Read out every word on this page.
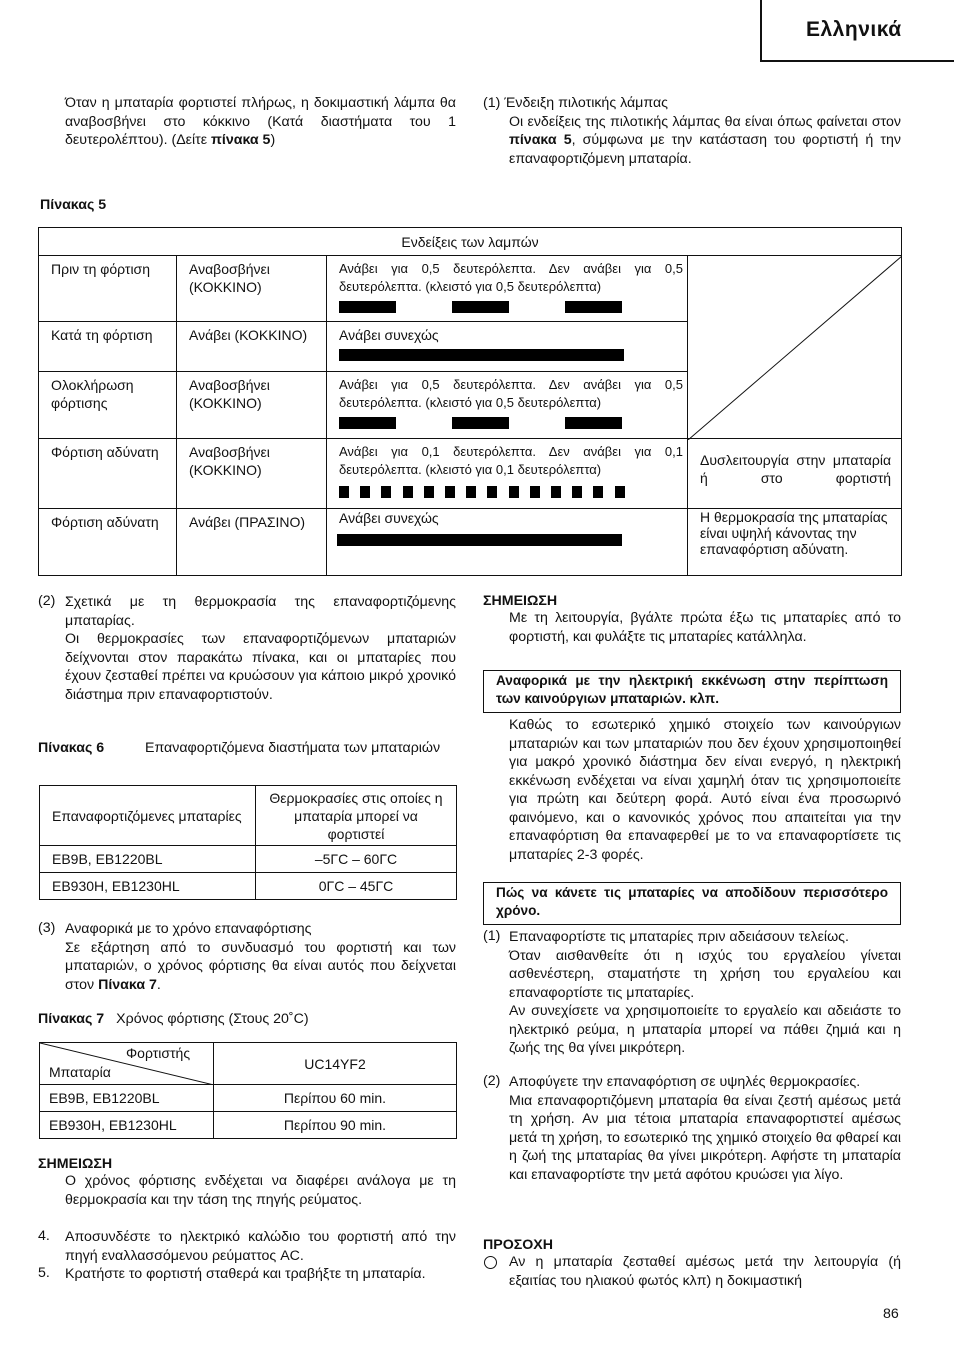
Ελληνικά

Όταν η μπαταρία φορτιστεί πλήρως, η δοκιμαστική λάμπα θα αναβοσβήνει στο κόκκινο (Κατά διαστήματα του 1 δευτερολέπτου). (Δείτε πίνακα 5)

(1) Ένδειξη πιλοτικής λάμπας

Οι ενδείξεις της πιλοτικής λάμπας θα είναι όπως φαίνεται στον πίνακα 5, σύμφωνα με την κατάσταση του φορτιστή ή την επαναφορτιζόμενη μπαταρία.

Πίνακας 5
Ενδείξεις των λαμπών			
Πριν τη φόρτιση	Αναβοσβήνει (ΚΟΚΚΙΝΟ)	Ανάβει για 0,5 δευτερόλεπτα. Δεν ανάβει για 0,5 δευτερόλεπτα. (κλειστό για 0,5 δευτερόλεπτα)

Κατά τη φόρτιση	Ανάβει (ΚΟΚΚΙΝΟ)	Ανάβει συνεχώς	

Ολοκλήρωση φόρτισης	Αναβοσβήνει (ΚΟΚΚΙΝΟ)	Ανάβει για 0,5 δευτερόλεπτα. Δεν ανάβει για 0,5 δευτερόλεπτα. (κλειστό για 0,5 δευτερόλεπτα)	

Φόρτιση αδύνατη	Αναβοσβήνει (ΚΟΚΚΙΝΟ)	Ανάβει για 0,1 δευτερόλεπτα. Δεν ανάβει για 0,1 δευτερόλεπτα. (κλειστό για 0,1 δευτερόλεπτα)	Δυσλειτουργία στην μπαταρία ή στο φορτιστή
Φόρτιση αδύνατη	Ανάβει (ΠΡΑΣΙΝΟ)	Ανάβει συνεχώς	Η θερμοκρασία της μπαταρίας είναι υψηλή κάνοντας την επαναφόρτιση αδύνατη.
(2) Σχετικά με τη θερμοκρασία της επαναφορτιζόμενης μπαταρίας.

Οι θερμοκρασίες των επαναφορτιζόμενων μπαταριών δείχνονται στον παρακάτω πίνακα, και οι μπαταρίες που έχουν ζεσταθεί πρέπει να κρυώσουν για κάποιο μικρό χρονικό διάστημα πριν επαναφορτιστούν.

Πίνακας 6	Επαναφορτιζόμενα διαστήματα των μπαταριών

Επαναφορτιζόμενες μπαταρίες	Θερμοκρασίες στις οποίες η μπαταρία μπορεί να φορτιστεί
EB9B, EB1220BL	–5ΓC – 60ΓC
EB930H, EB1230HL	0ΓC – 45ΓC
(3) Αναφορικά με το χρόνο επαναφόρτισης

Σε εξάρτηση από το συνδυασμό του φορτιστή και των μπαταριών, ο χρόνος φόρτισης θα είναι αυτός που δείχνεται στον Πίνακα 7.

Πίνακας 7 Χρόνος φόρτισης (Στους 20˚C)
Φορτιστής
Μπαταρία	UC14YF2
EB9B, EB1220BL	Περίπου 60 min.
EB930H, EB1230HL	Περίπου 90 min.
ΣΗΜΕΙΩΣΗ

Ο χρόνος φόρτισης ενδέχεται να διαφέρει ανάλογα με τη θερμοκρασία και την τάση της πηγής ρεύματος.

4. Αποσυνδέστε το ηλεκτρικό καλώδιο του φορτιστή από την πηγή εναλλασσόμενου ρεύματτος AC.

5. Κρατήστε το φορτιστή σταθερά και τραβήξτε τη μπαταρία.

ΣΗΜΕΙΩΣΗ

Με τη λειτουργία, βγάλτε πρώτα έξω τις μπαταρίες από το φορτιστή, και φυλάξτε τις μπαταρίες κατάλληλα.

Αναφορικά με την ηλεκτρική εκκένωση στην περίπτωση των καινούργιων μπαταριών. κλπ.

Καθώς το εσωτερικό χημικό στοιχείο των καινούργιων μπαταριών και των μπαταριών που δεν έχουν χρησιμοποιηθεί για μακρό χρονικό διάστημα δεν είναι ενεργό, η ηλεκτρική εκκένωση ενδέχεται να είναι χαμηλή όταν τις χρησιμοποιείτε για πρώτη και δεύτερη φορά. Αυτό είναι ένα προσωρινό φαινόμενο, και ο κανονικός χρόνος που απαιτείται για την επαναφόρτιση θα επαναφερθεί με το να επαναφορτίσετε τις μπαταρίες 2-3 φορές.

Πώς να κάνετε τις μπαταρίες να αποδίδουν περισσότερο χρόνο.
(1) Επαναφορτίστε τις μπαταρίες πριν αδειάσουν τελείως.

Όταν αισθανθείτε ότι η ισχύς του εργαλείου γίνεται ασθενέστερη, σταματήστε τη χρήση του εργαλείου και επαναφορτίστε τις μπαταρίες.

Αν συνεχίσετε να χρησιμοποιείτε το εργαλείο και αδειάστε το ηλεκτρικό ρεύμα, η μπαταρία μπορεί να πάθει ζημιά και η ζωής της θα γίνει μικρότερη.

(2) Αποφύγετε την επαναφόρτιση σε υψηλές θερμοκρασίες.

Μια επαναφορτιζόμενη μπαταρία θα είναι ζεστή αμέσως μετά τη χρήση. Αν μια τέτοια μπαταρία επαναφορτιστεί αμέσως μετά τη χρήση, το εσωτερικό της χημικό στοιχείο θα φθαρεί και η ζωή της μπαταρίας θα γίνει μικρότερη. Αφήστε τη μπαταρία και επαναφορτίστε την μετά αφότου κρυώσει για λίγο.

ΠΡΟΣΟΧΗ

Αν η μπαταρία ζεσταθεί αμέσως μετά την λειτουργία (ή εξαιτίας του ηλιακού φωτός κλπ) η δοκιμαστική

86
